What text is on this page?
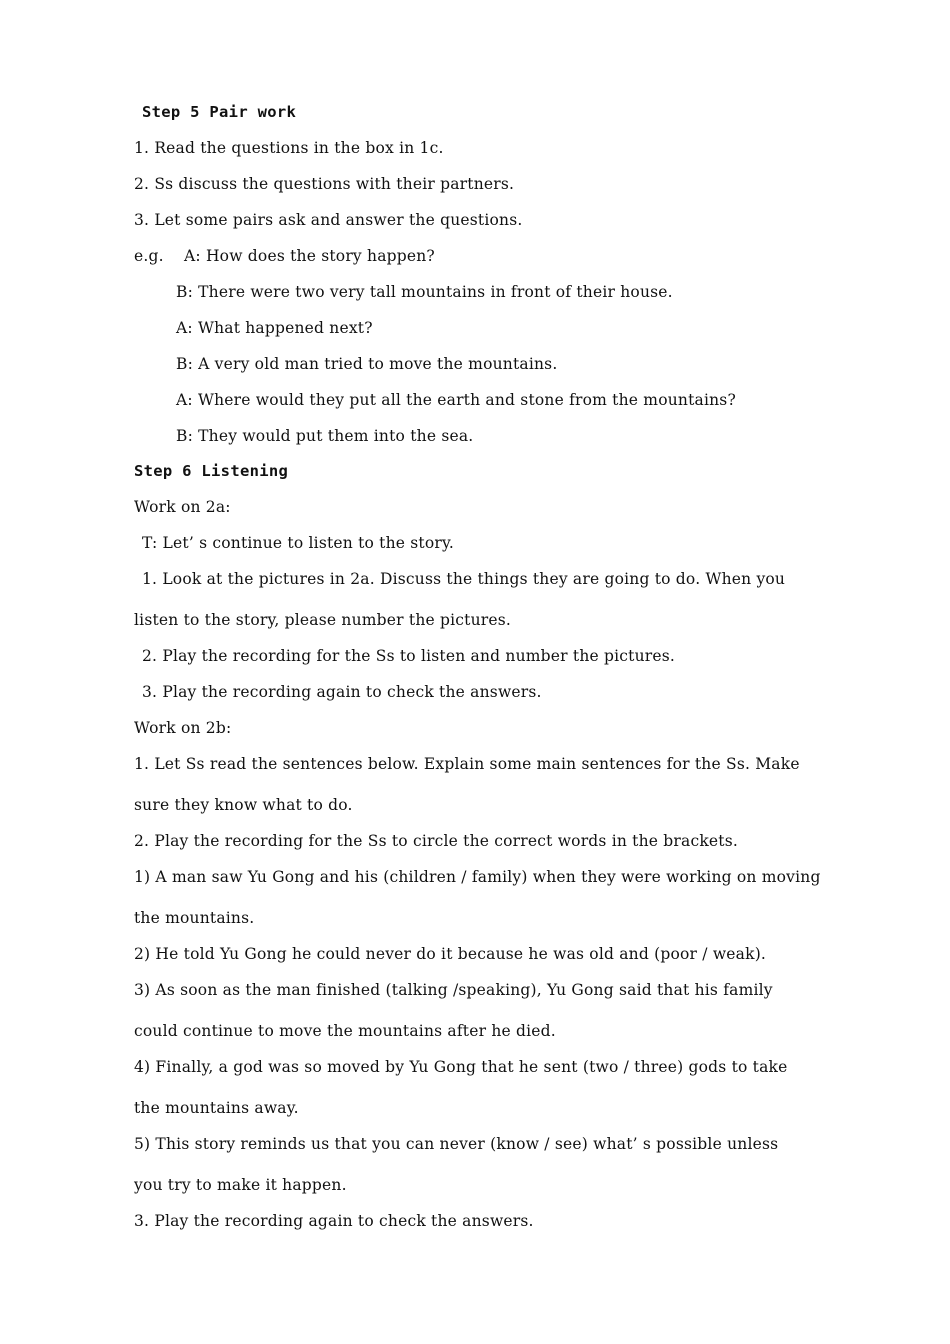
Step 5 Pair work
1. Read the questions in the box in 1c.
2. Ss discuss the questions with their partners.
3. Let some pairs ask and answer the questions.
e.g. A: How does the story happen?
B: There were two very tall mountains in front of their house.
A: What happened next?
B: A very old man tried to move the mountains.
A: Where would they put all the earth and stone from the mountains?
B: They would put them into the sea.
Step 6 Listening
Work on 2a:
T: Let’ s continue to listen to the story.
1. Look at the pictures in 2a. Discuss the things they are going to do. When you
listen to the story, please number the pictures.
2. Play the recording for the Ss to listen and number the pictures.
3. Play the recording again to check the answers.
Work on 2b:
1. Let Ss read the sentences below. Explain some main sentences for the Ss. Make
sure they know what to do.
2. Play the recording for the Ss to circle the correct words in the brackets.
1) A man saw Yu Gong and his (children / family) when they were working on moving
the mountains.
2) He told Yu Gong he could never do it because he was old and (poor / weak).
3) As soon as the man finished (talking /speaking), Yu Gong said that his family
could continue to move the mountains after he died.
4) Finally, a god was so moved by Yu Gong that he sent (two / three) gods to take
the mountains away.
5) This story reminds us that you can never (know / see) what’ s possible unless
you try to make it happen.
3. Play the recording again to check the answers.
